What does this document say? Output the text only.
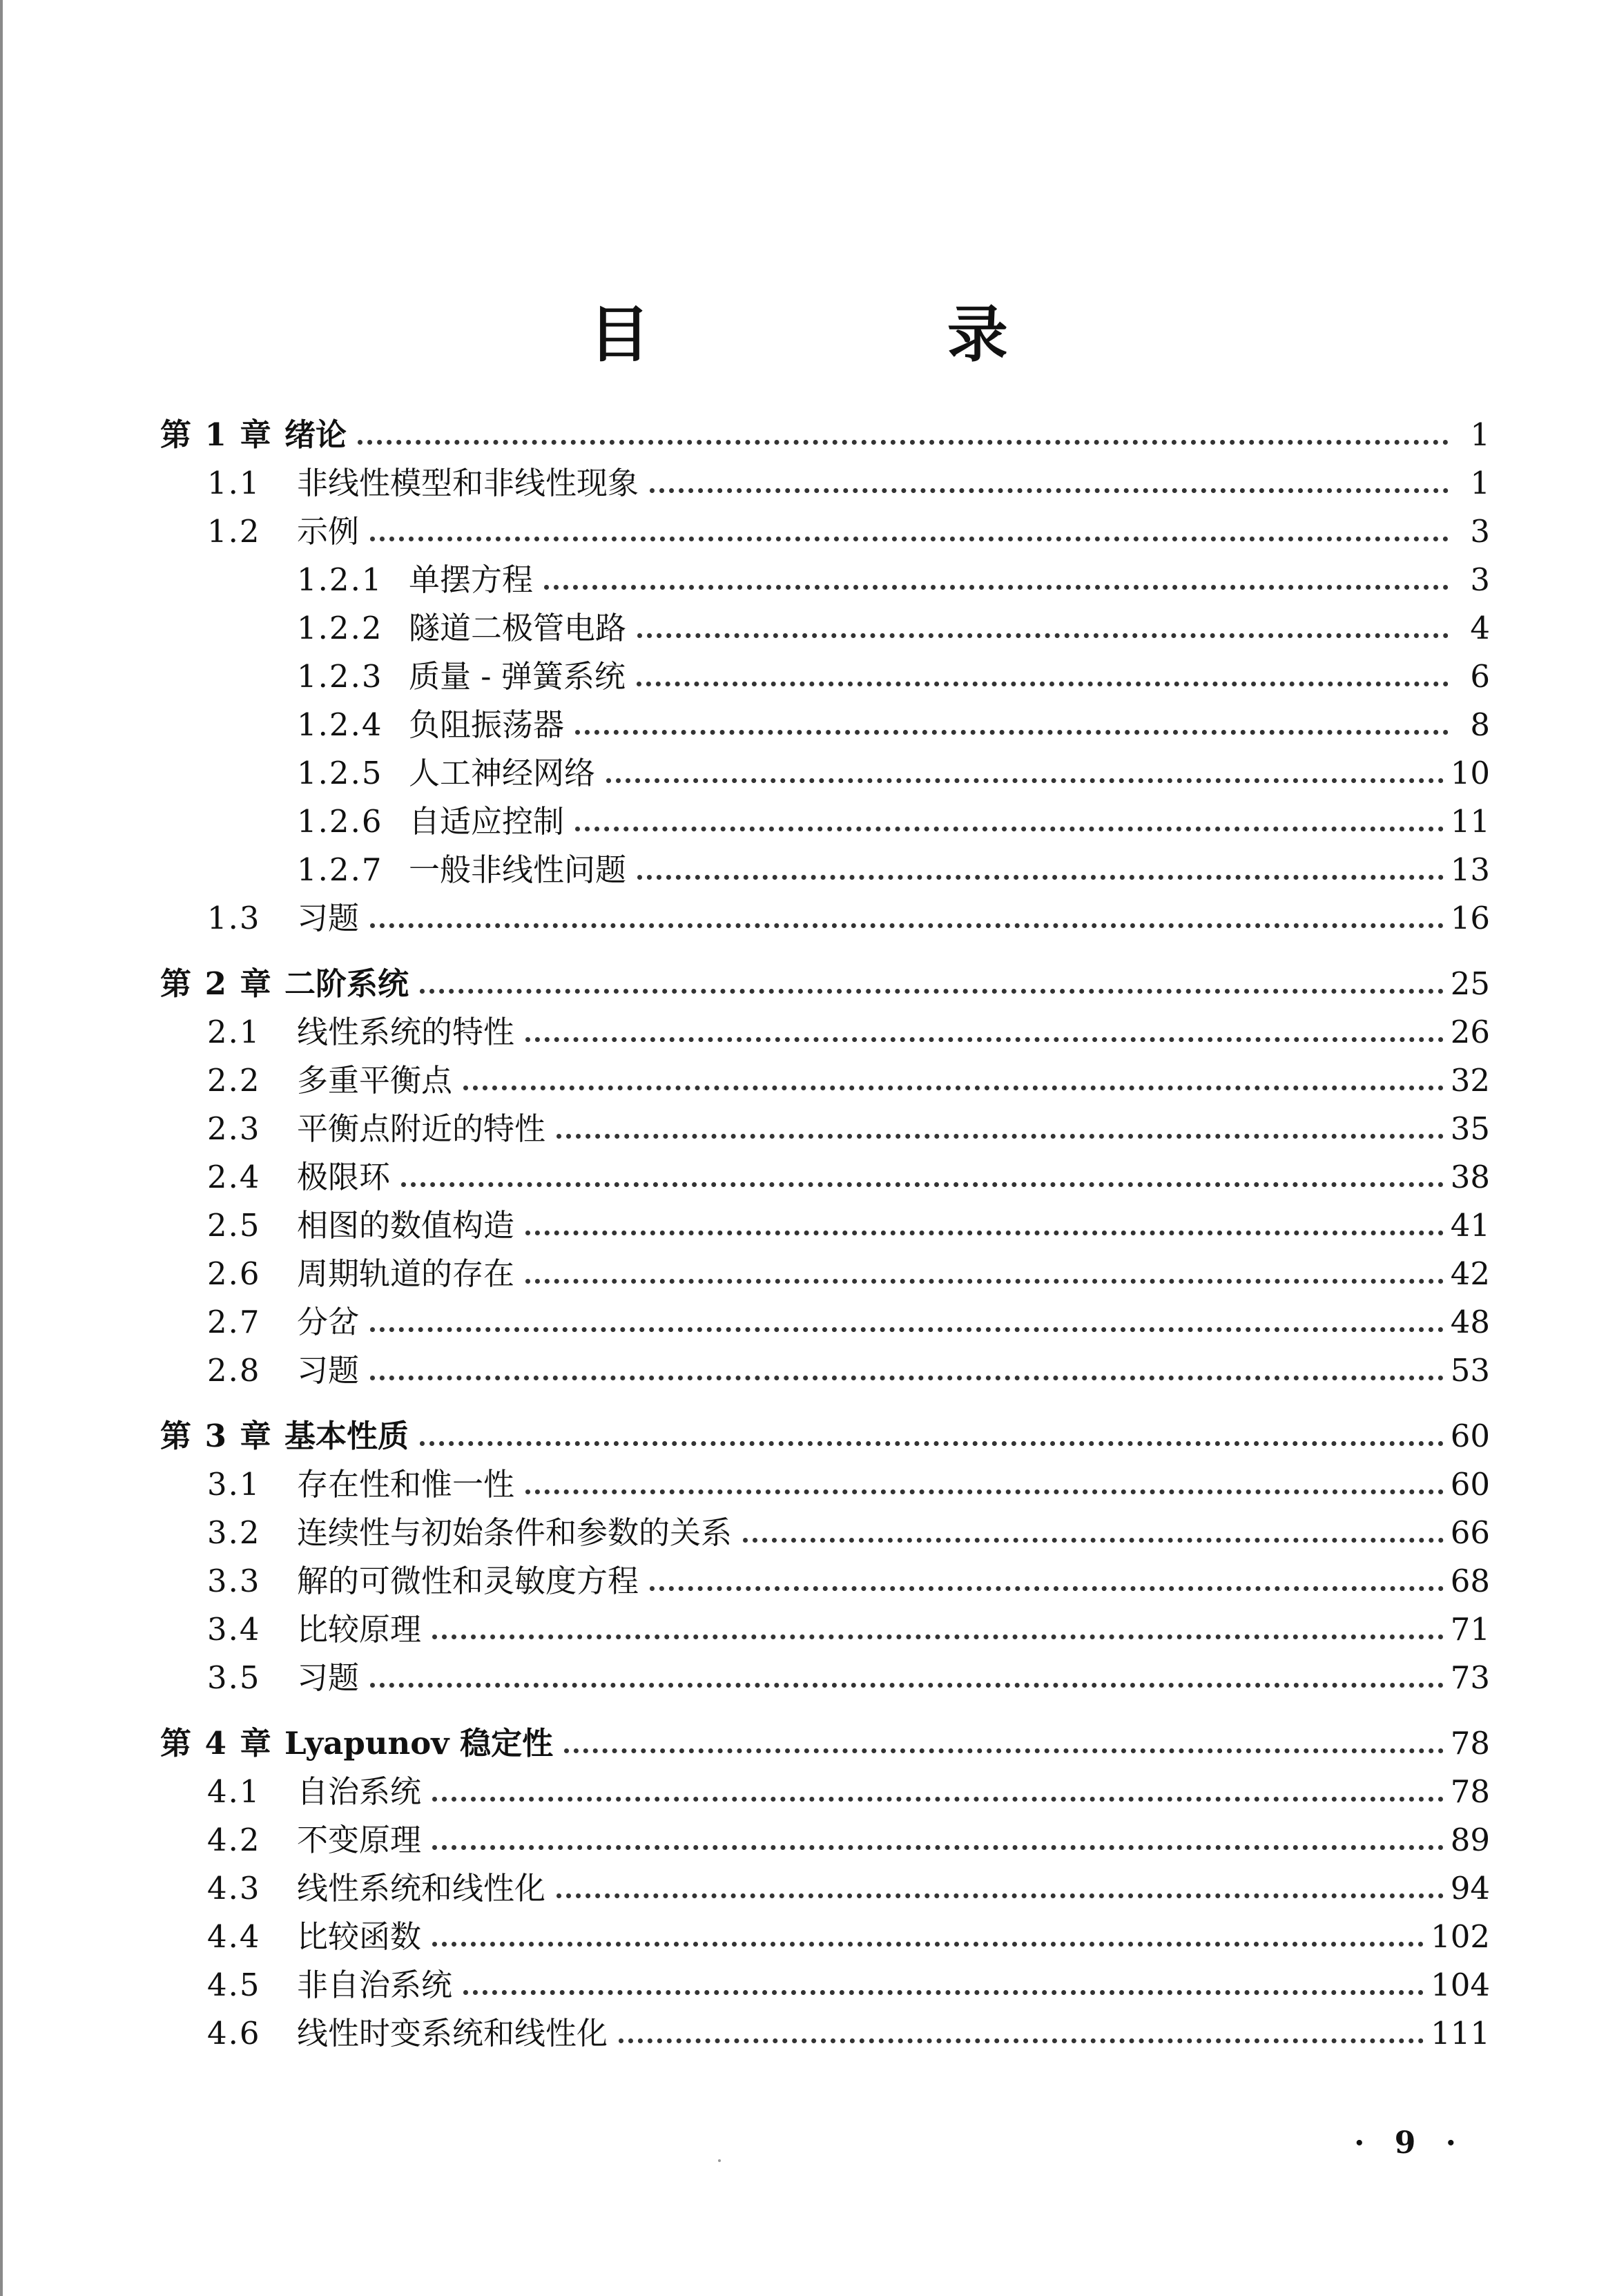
目 录
第 1 章 绪论	1
1.1	非线性模型和非线性现象	1
1.2	示例	3
1.2.1 单摆方程	3
1.2.2 隧道二极管电路	4
1.2.3 质量 - 弹簧系统	6
1.2.4 负阻振荡器	8
1.2.5 人工神经网络	10
1.2.6 自适应控制	11
1.2.7 一般非线性问题	13
1.3	习题	16
第 2 章 二阶系统	25
2.1	线性系统的特性	26
2.2	多重平衡点	32
2.3	平衡点附近的特性	35
2.4	极限环	38
2.5	相图的数值构造	41
2.6	周期轨道的存在	42
2.7	分岔	48
2.8	习题	53
第 3 章 基本性质	60
3.1	存在性和惟一性	60
3.2	连续性与初始条件和参数的关系	66
3.3	解的可微性和灵敏度方程	68
3.4	比较原理	71
3.5	习题	73
第 4 章 Lyapunov 稳定性	78
4.1	自治系统	78
4.2	不变原理	89
4.3	线性系统和线性化	94
4.4	比较函数	102
4.5	非自治系统	104
4.6	线性时变系统和线性化	111
· 9 ·
